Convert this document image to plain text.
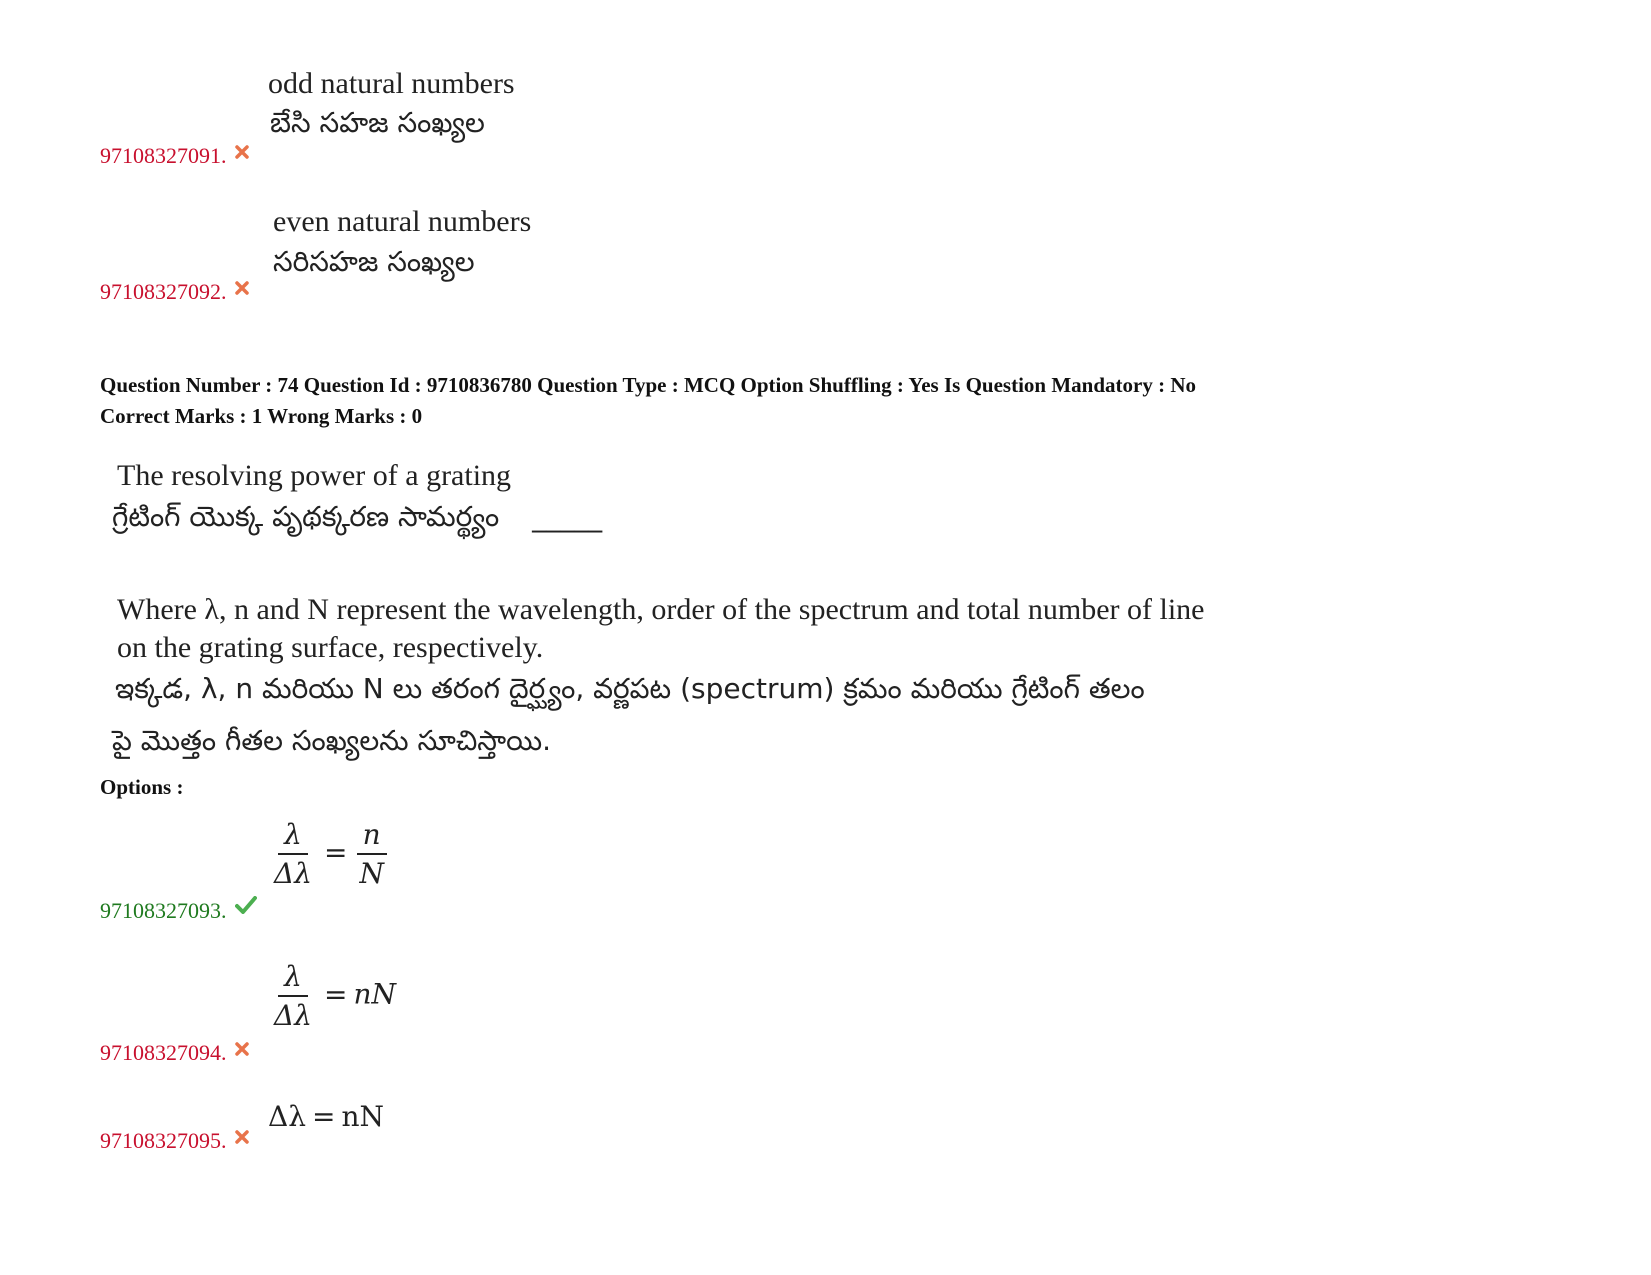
odd natural numbers
బేసి సహజ సంఖ్యల
97108327091.
even natural numbers
సరిసహజ సంఖ్యల
97108327092.
Question Number : 74 Question Id : 9710836780 Question Type : MCQ Option Shuffling : Yes Is Question Mandatory : No
Correct Marks : 1 Wrong Marks : 0
The resolving power of a grating
గ్రేటింగ్ యొక్క పృథక్కరణ సామర్థ్యం _____
Where λ, n and N represent the wavelength, order of the spectrum and total number of line
on the grating surface, respectively.
ఇక్కడ, λ, n మరియు N లు తరంగ దైర్ఘ్యం, వర్ణపట (spectrum) క్రమం మరియు గ్రేటింగ్ తలం
పై మొత్తం గీతల సంఖ్యలను సూచిస్తాయి.
Options :
$\frac{\lambda}{\Delta\lambda} = \frac{n}{N}$
97108327093.
$\frac{\lambda}{\Delta\lambda}$ = nN
97108327094.
Δλ = nN
97108327095.
